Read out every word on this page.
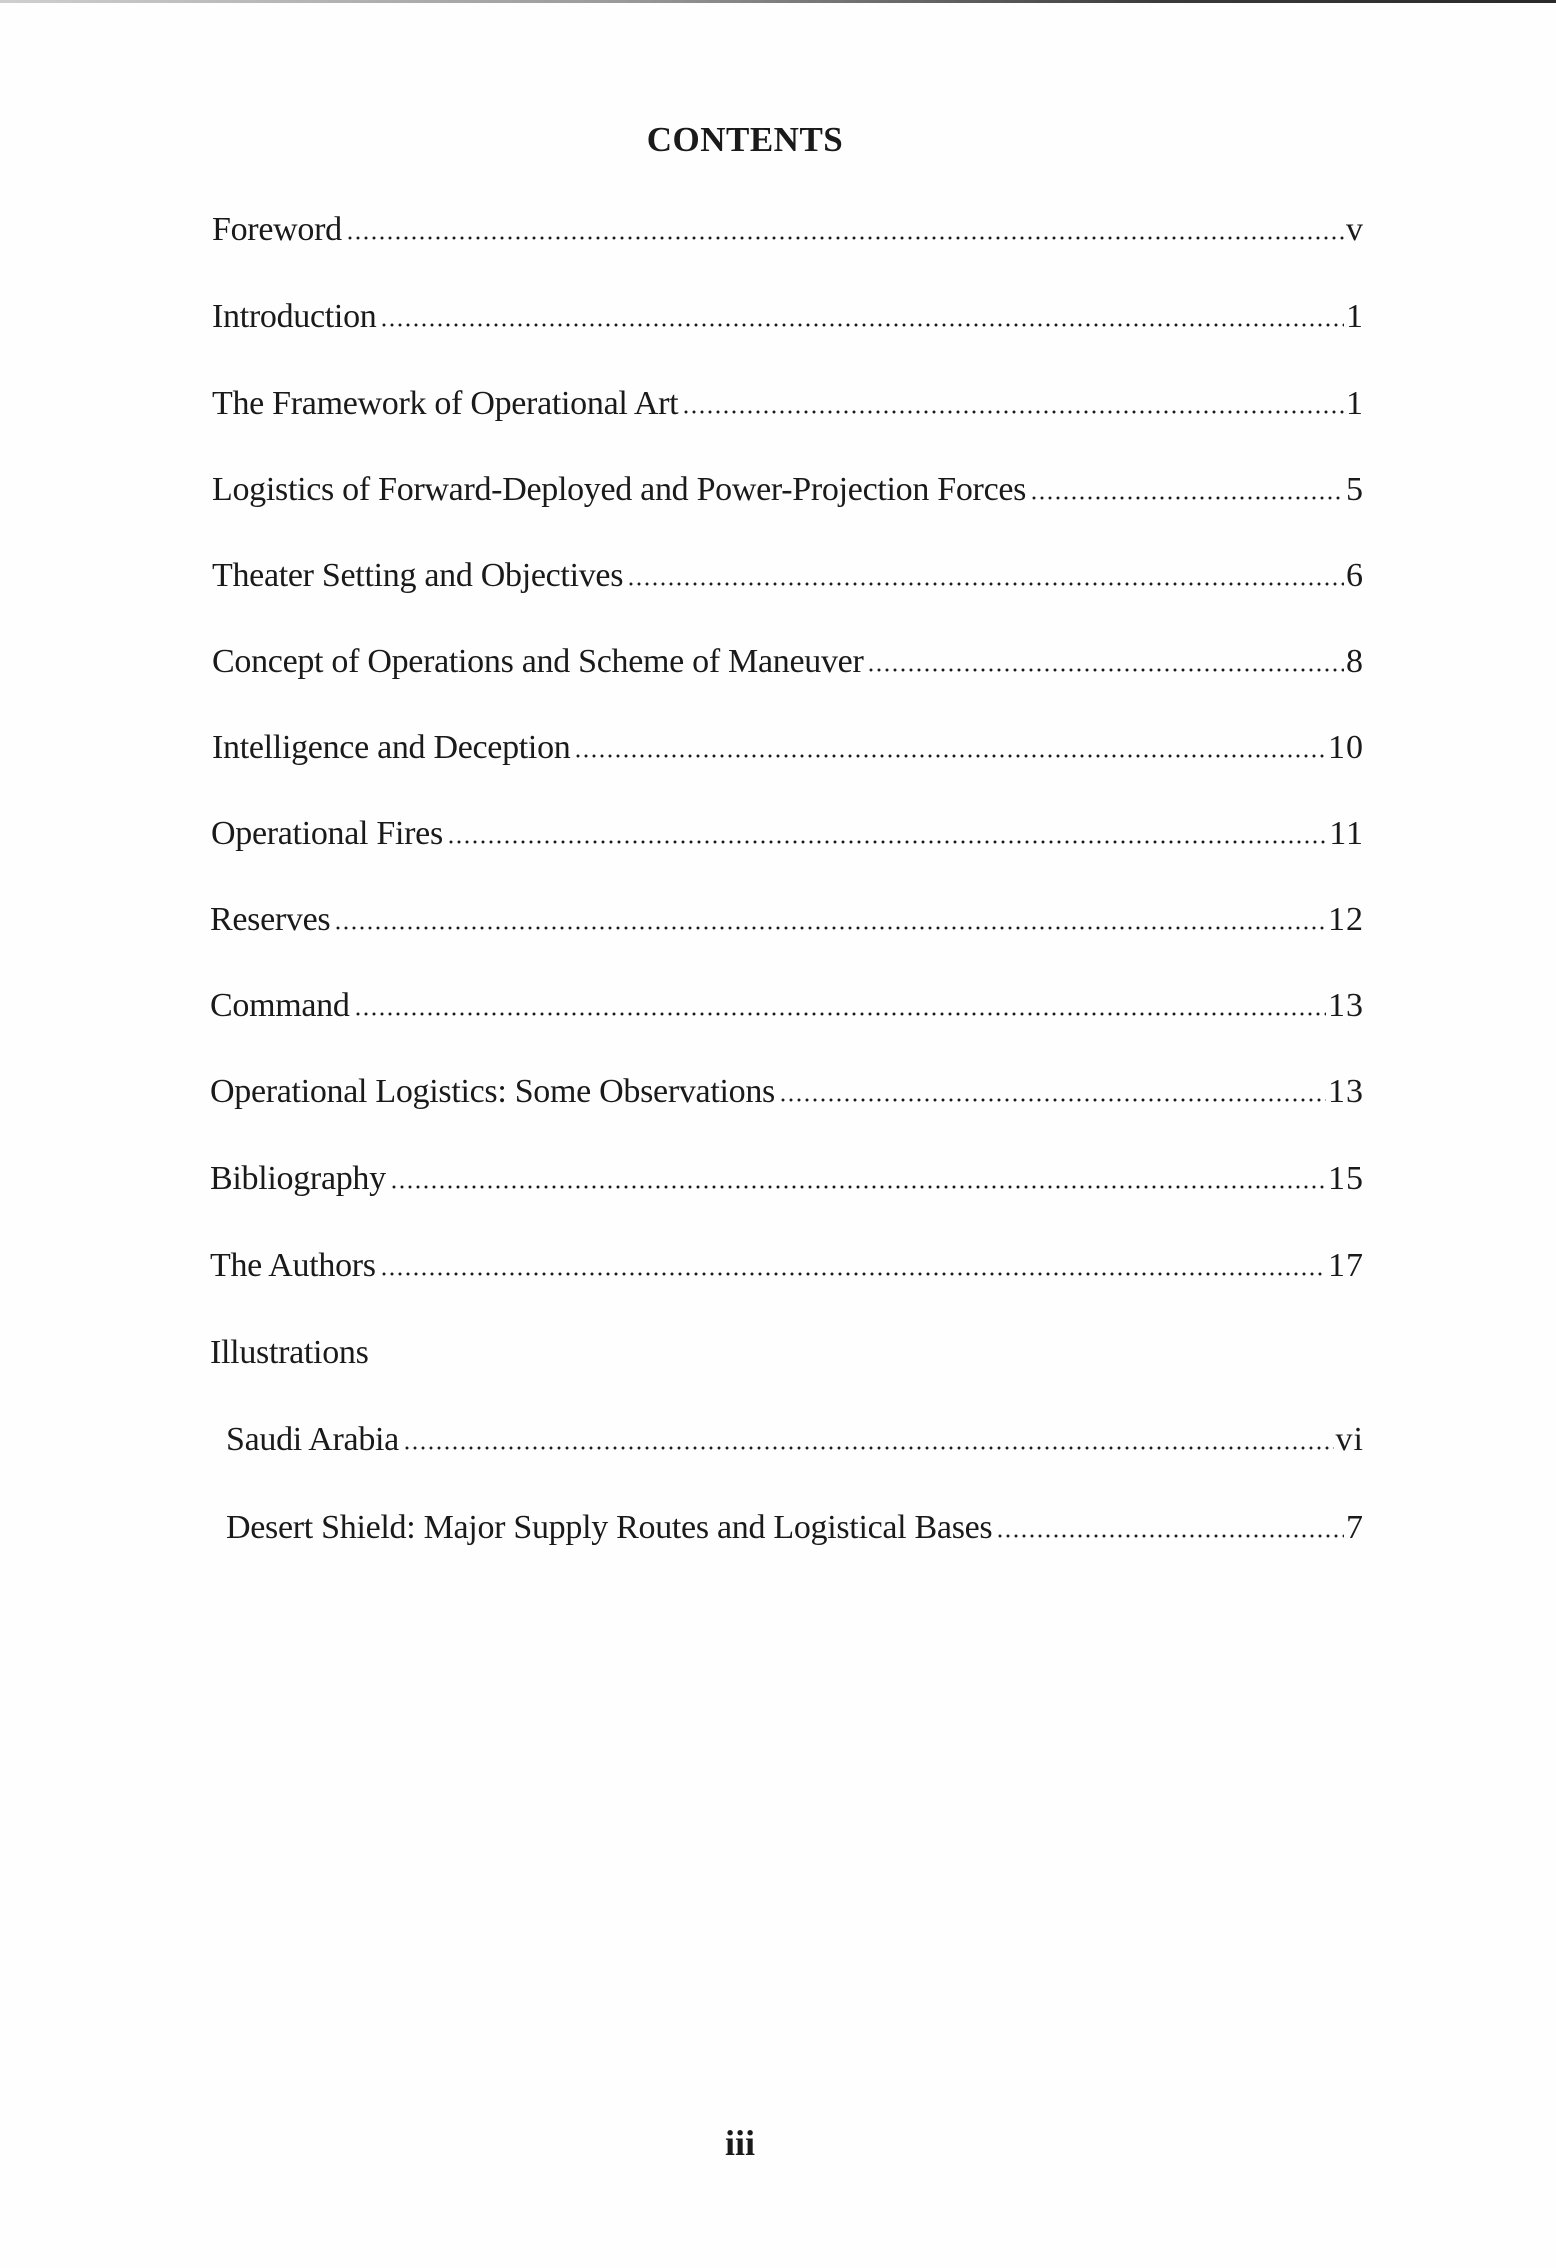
CONTENTS
Foreword	v
Introduction	1
The Framework of Operational Art	1
Logistics of Forward-Deployed and Power-Projection Forces	5
Theater Setting and Objectives	6
Concept of Operations and Scheme of Maneuver	8
Intelligence and Deception	10
Operational Fires	11
Reserves	12
Command	13
Operational Logistics: Some Observations	13
Bibliography	15
The Authors	17
Illustrations
Saudi Arabia	vi
Desert Shield: Major Supply Routes and Logistical Bases	7
iii
